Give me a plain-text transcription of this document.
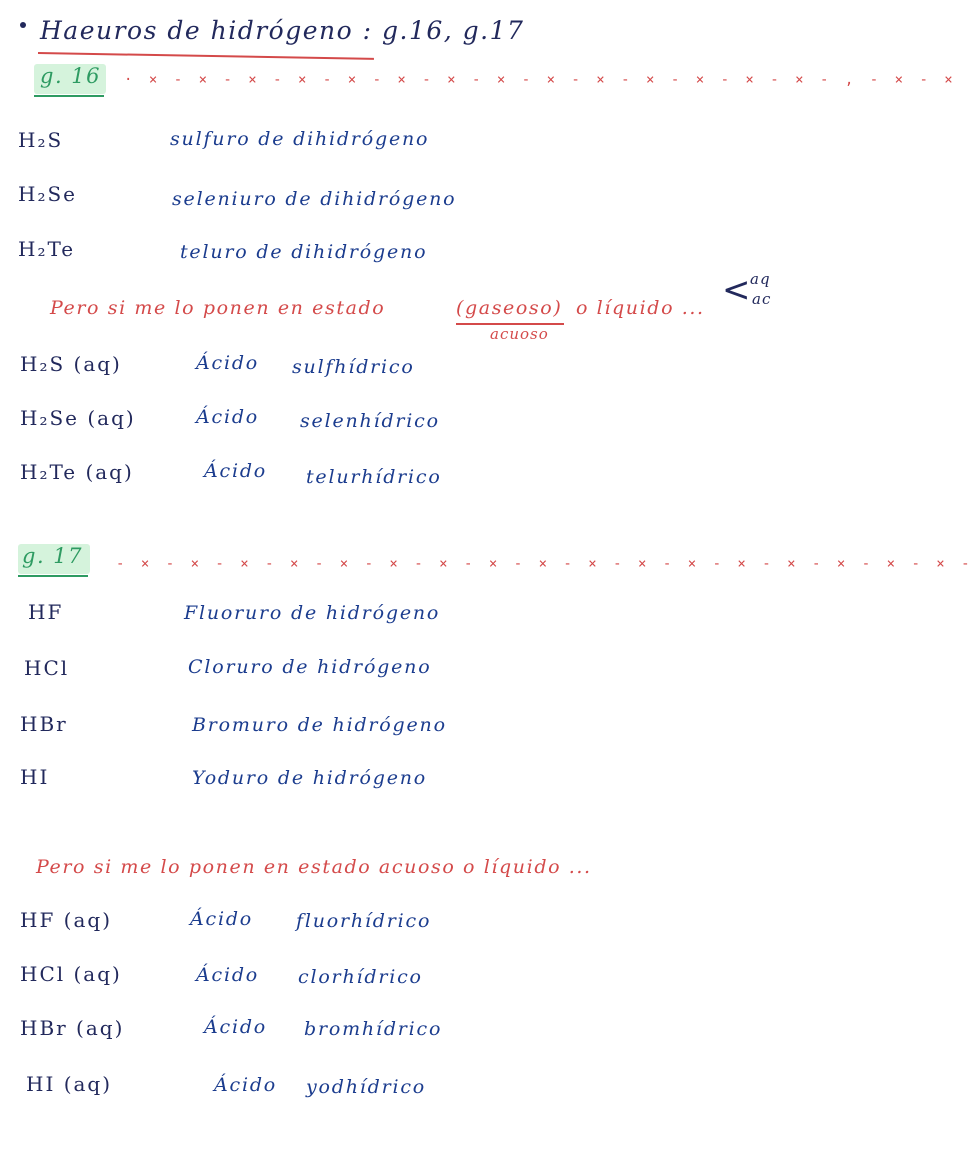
Haeuros de hidrógeno : g.16, g.17
g. 16 · × - × - × - × - × - × - × - × - × - × - × - × - × - × - , - × - ×
H₂S	sulfuro de dihidrógeno
H₂Se	seleniuro de dihidrógeno
H₂Te	teluro de dihidrógeno
Pero si me lo ponen en estado	(gaseoso) o líquido ...
acuoso
< aq
ac
H₂S (aq)	Ácido sulfhídrico
H₂Se (aq)	Ácido selenhídrico
H₂Te (aq)	Ácido telurhídrico
g. 17 - × - × - × - × - × - × - × - × - × - × - × - × - × - × - × - × - × -
HF	Fluoruro de hidrógeno
HCl	Cloruro de hidrógeno
HBr	Bromuro de hidrógeno
HI	Yoduro de hidrógeno
Pero si me lo ponen en estado acuoso o líquido ...
HF (aq)	Ácido fluorhídrico
HCl (aq)	Ácido clorhídrico
HBr (aq)	Ácido bromhídrico
HI (aq)	Ácido yodhídrico
